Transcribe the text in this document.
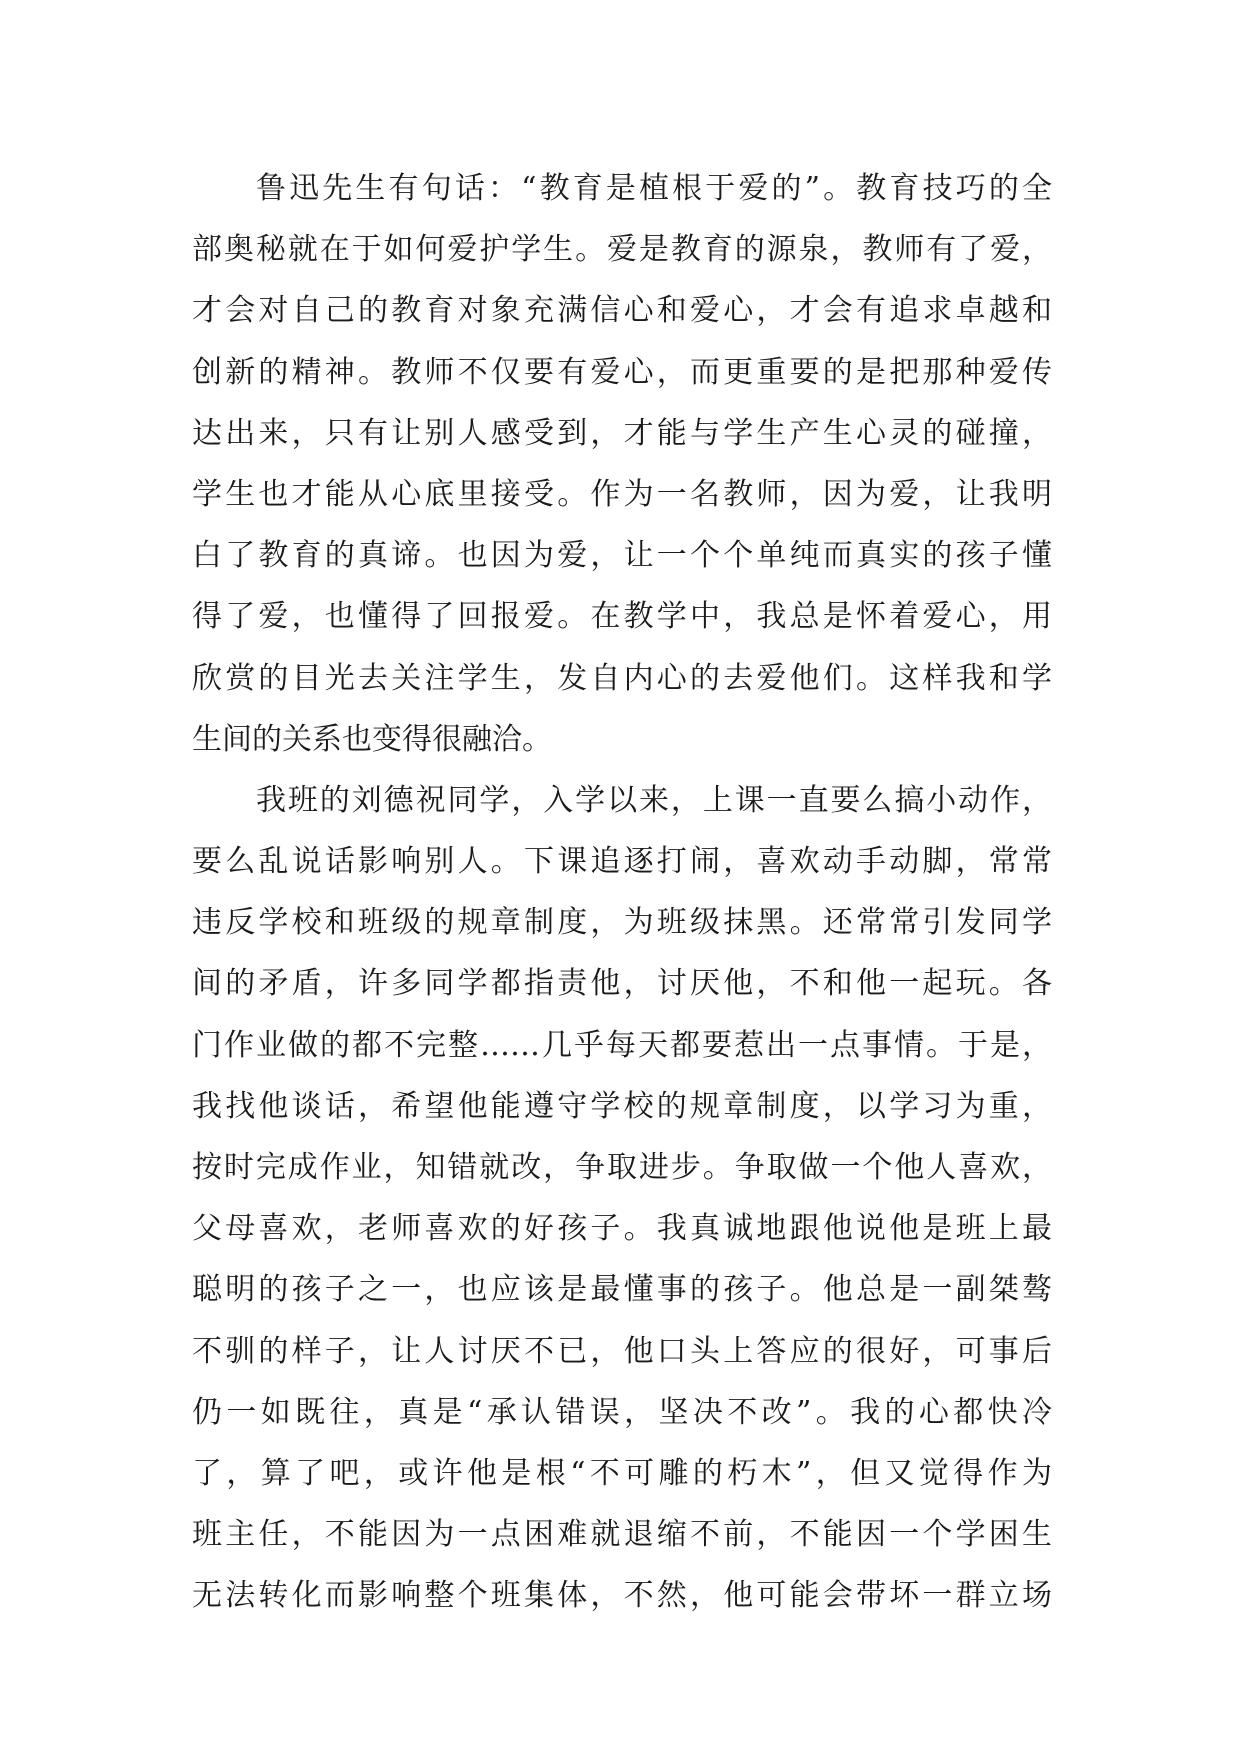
鲁迅先生有句话：“教育是植根于爱的”。教育技巧的全
部奥秘就在于如何爱护学生。爱是教育的源泉，教师有了爱，
才会对自己的教育对象充满信心和爱心，才会有追求卓越和
创新的精神。教师不仅要有爱心，而更重要的是把那种爱传
达出来，只有让别人感受到，才能与学生产生心灵的碰撞，
学生也才能从心底里接受。作为一名教师，因为爱，让我明
白了教育的真谛。也因为爱，让一个个单纯而真实的孩子懂
得了爱，也懂得了回报爱。在教学中，我总是怀着爱心，用
欣赏的目光去关注学生，发自内心的去爱他们。这样我和学
生间的关系也变得很融洽。
我班的刘德祝同学，入学以来，上课一直要么搞小动作，
要么乱说话影响别人。下课追逐打闹，喜欢动手动脚，常常
违反学校和班级的规章制度，为班级抹黑。还常常引发同学
间的矛盾，许多同学都指责他，讨厌他，不和他一起玩。各
门作业做的都不完整……几乎每天都要惹出一点事情。于是，
我找他谈话，希望他能遵守学校的规章制度，以学习为重，
按时完成作业，知错就改，争取进步。争取做一个他人喜欢，
父母喜欢，老师喜欢的好孩子。我真诚地跟他说他是班上最
聪明的孩子之一，也应该是最懂事的孩子。他总是一副桀骜
不驯的样子，让人讨厌不已，他口头上答应的很好，可事后
仍一如既往，真是“承认错误，坚决不改”。我的心都快冷
了，算了吧，或许他是根“不可雕的朽木”，但又觉得作为
班主任，不能因为一点困难就退缩不前，不能因一个学困生
无法转化而影响整个班集体，不然，他可能会带坏一群立场
